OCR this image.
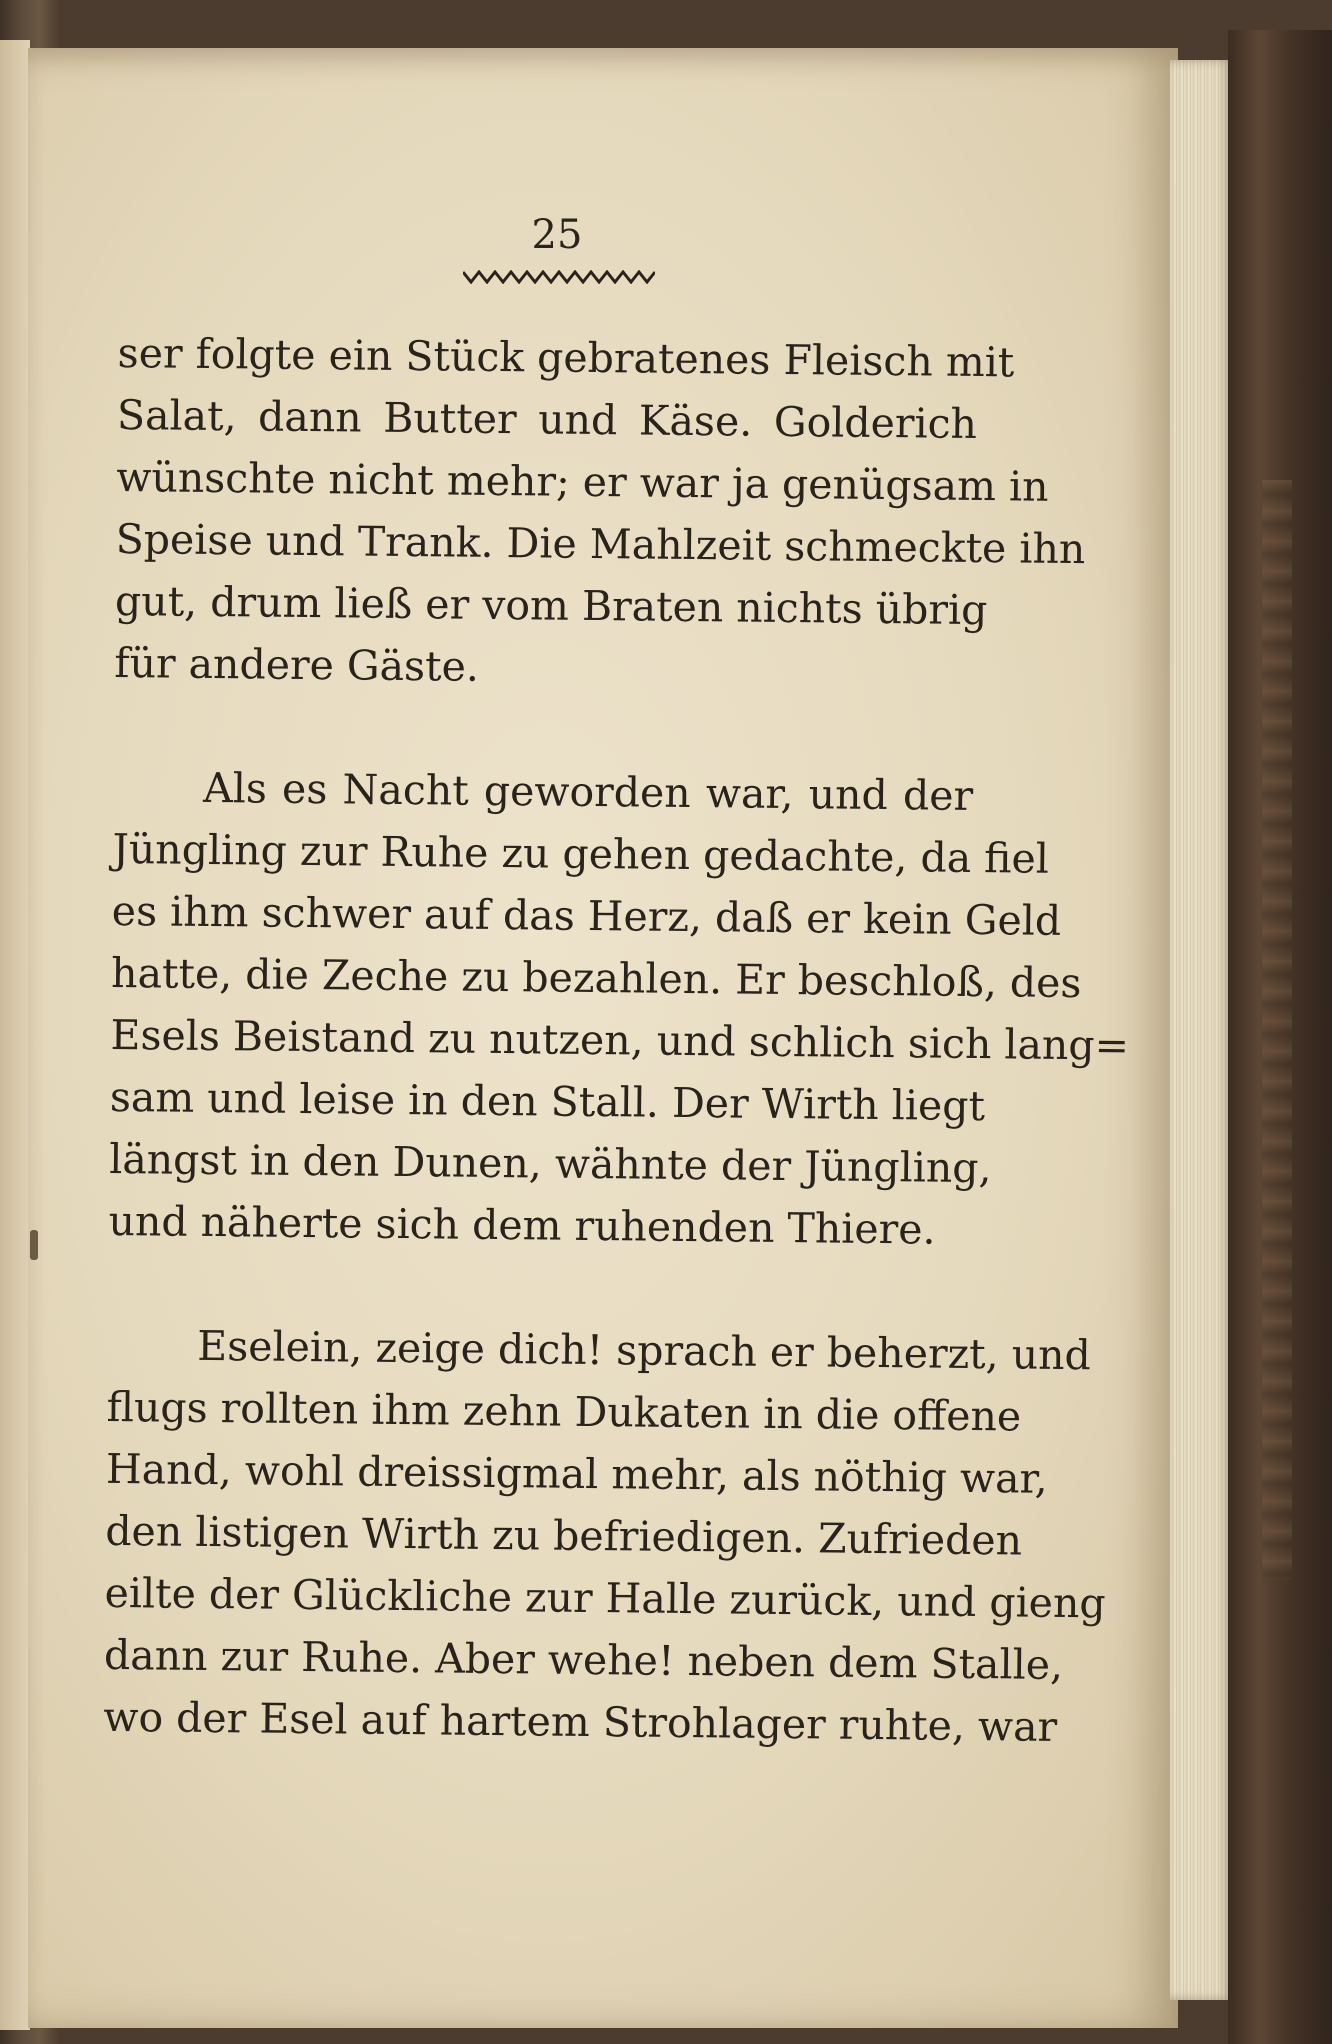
25

ser folgte ein Stück gebratenes Fleisch mit
Salat, dann Butter und Käse. Golderich
wünschte nicht mehr; er war ja genügsam in
Speise und Trank. Die Mahlzeit schmeckte ihn
gut, drum ließ er vom Braten nichts übrig
für andere Gäste.

Als es Nacht geworden war, und der
Jüngling zur Ruhe zu gehen gedachte, da fiel
es ihm schwer auf das Herz, daß er kein Geld
hatte, die Zeche zu bezahlen. Er beschloß, des
Esels Beistand zu nutzen, und schlich sich lang=
sam und leise in den Stall. Der Wirth liegt
längst in den Dunen, wähnte der Jüngling,
und näherte sich dem ruhenden Thiere.

Eselein, zeige dich! sprach er beherzt, und
flugs rollten ihm zehn Dukaten in die offene
Hand, wohl dreissigmal mehr, als nöthig war,
den listigen Wirth zu befriedigen. Zufrieden
eilte der Glückliche zur Halle zurück, und gieng
dann zur Ruhe. Aber wehe! neben dem Stalle,
wo der Esel auf hartem Strohlager ruhte, war
